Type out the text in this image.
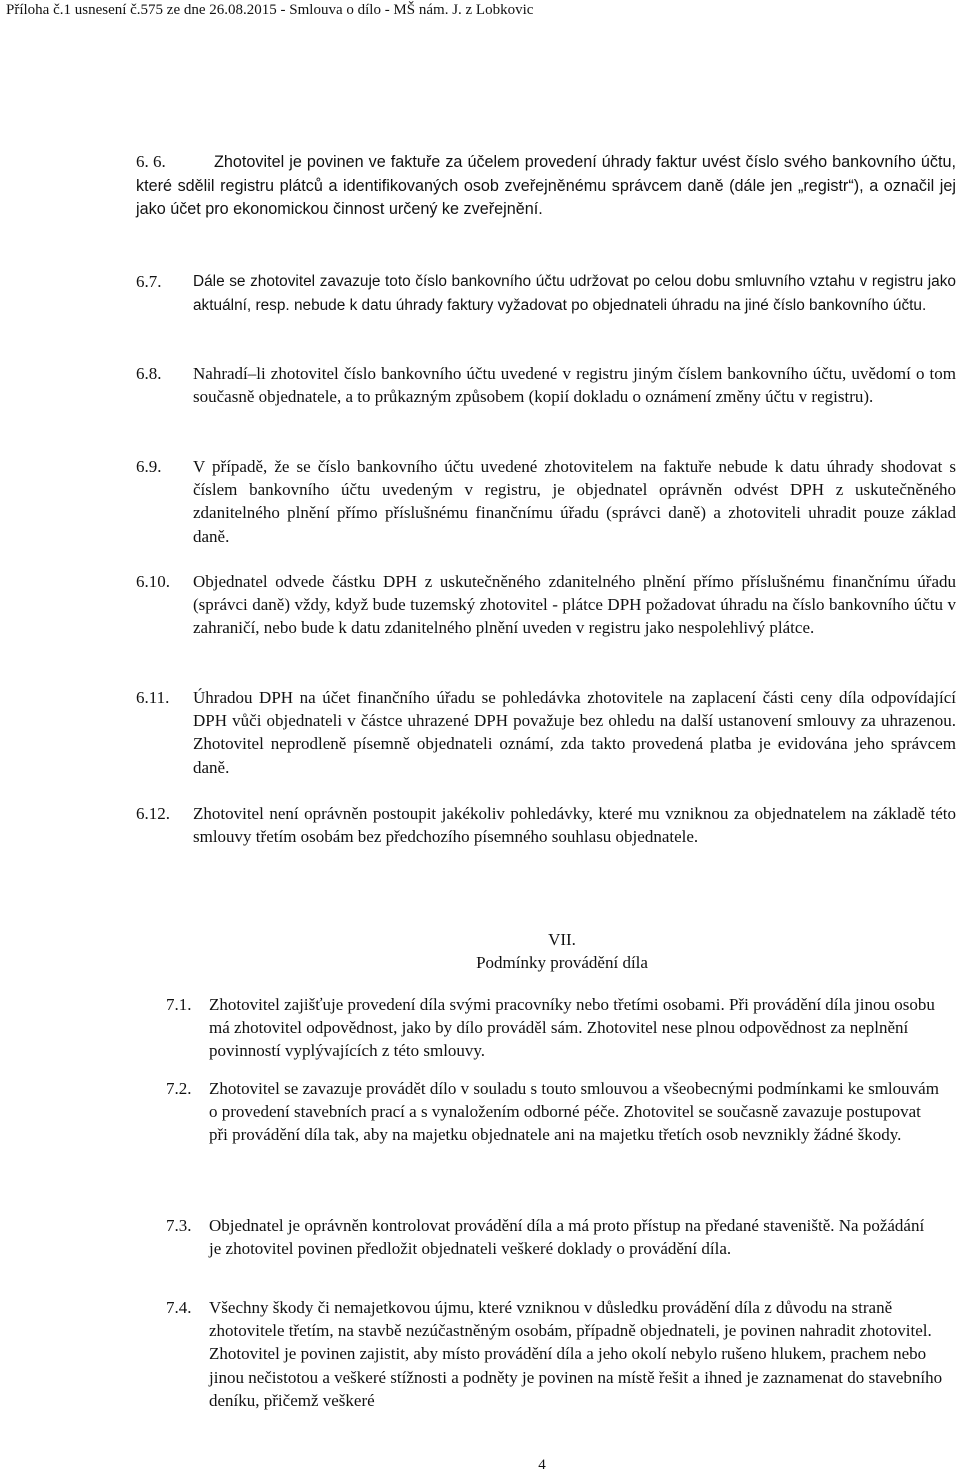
Příloha č.1 usnesení č.575 ze dne 26.08.2015 - Smlouva o dílo - MŠ nám. J. z Lobkovic
6. 6.	Zhotovitel je povinen ve faktuře za účelem provedení úhrady faktur uvést číslo svého bankovního účtu, které sdělil registru plátců a identifikovaných osob zveřejněnému správcem daně (dále jen „registr“), a označil jej jako účet pro ekonomickou činnost určený ke zveřejnění.
6.7. Dále se zhotovitel zavazuje toto číslo bankovního účtu udržovat po celou dobu smluvního vztahu v registru jako aktuální, resp. nebude k datu úhrady faktury vyžadovat po objednateli úhradu na jiné číslo bankovního účtu.
6.8. Nahradí–li zhotovitel číslo bankovního účtu uvedené v registru jiným číslem bankovního účtu, uvědomí o tom současně objednatele, a to průkazným způsobem (kopií dokladu o oznámení změny účtu v registru).
6.9. V případě, že se číslo bankovního účtu uvedené zhotovitelem na faktuře nebude k datu úhrady shodovat s číslem bankovního účtu uvedeným v registru, je objednatel oprávněn odvést DPH z uskutečněného zdanitelného plnění přímo příslušnému finančnímu úřadu (správci daně) a zhotoviteli uhradit pouze základ daně.
6.10. Objednatel odvede částku DPH z uskutečněného zdanitelného plnění přímo příslušnému finančnímu úřadu (správci daně) vždy, když bude tuzemský zhotovitel - plátce DPH požadovat úhradu na číslo bankovního účtu v zahraničí, nebo bude k datu zdanitelného plnění uveden v registru jako nespolehlivý plátce.
6.11. Úhradou DPH na účet finančního úřadu se pohledávka zhotovitele na zaplacení části ceny díla odpovídající DPH vůči objednateli v částce uhrazené DPH považuje bez ohledu na další ustanovení smlouvy za uhrazenou. Zhotovitel neprodleně písemně objednateli oznámí, zda takto provedená platba je evidována jeho správcem daně.
6.12. Zhotovitel není oprávněn postoupit jakékoliv pohledávky, které mu vzniknou za objednatelem na základě této smlouvy třetím osobám bez předchozího písemného souhlasu objednatele.
VII.
Podmínky provádění díla
7.1. Zhotovitel zajišťuje provedení díla svými pracovníky nebo třetími osobami. Při provádění díla jinou osobu má zhotovitel odpovědnost, jako by dílo prováděl sám. Zhotovitel nese plnou odpovědnost za neplnění povinností vyplývajících z této smlouvy.
7.2. Zhotovitel se zavazuje provádět dílo v souladu s touto smlouvou a všeobecnými podmínkami ke smlouvám o provedení stavebních prací a s vynaložením odborné péče. Zhotovitel se současně zavazuje postupovat při provádění díla tak, aby na majetku objednatele ani na majetku třetích osob nevznikly žádné škody.
7.3. Objednatel je oprávněn kontrolovat provádění díla a má proto přístup na předané staveniště. Na požádání je zhotovitel povinen předložit objednateli veškeré doklady o provádění díla.
7.4. Všechny škody či nemajetkovou újmu, které vzniknou v důsledku provádění díla z důvodu na straně zhotovitele třetím, na stavbě nezúčastněným osobám, případně objednateli, je povinen nahradit zhotovitel. Zhotovitel je povinen zajistit, aby místo provádění díla a jeho okolí nebylo rušeno hlukem, prachem nebo jinou nečistotou a veškeré stížnosti a podněty je povinen na místě řešit a ihned je zaznamenat do stavebního deníku, přičemž veškeré
4
